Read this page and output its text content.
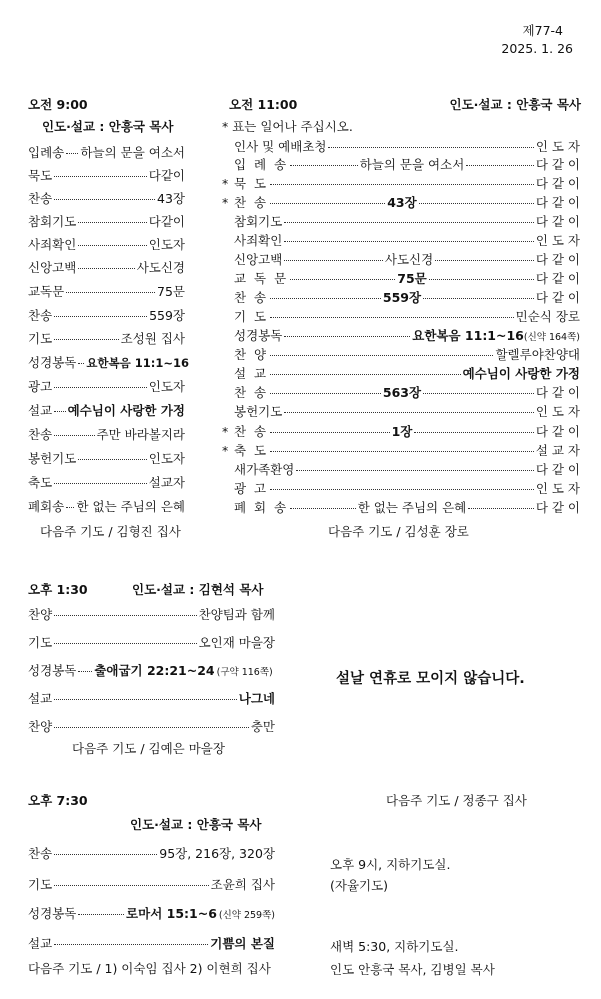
제77-4
2025. 1. 26
오전 9:00
인도·설교 : 안흥국 목사
입례송 하늘의 문을 여소서
묵도	다같이
찬송	43장
참회기도	다같이
사죄확인	인도자
신앙고백	사도신경
교독문	75문
찬송	559장
기도	조성원 집사
성경봉독 요한복음 11:1~16
광고	인도자
설교 예수님이 사랑한 가정
찬송	주만 바라볼지라
봉헌기도	인도자
축도	설교자
폐회송 한 없는 주님의 은혜
다음주 기도 / 김형진 집사
오전 11:00	인도·설교 : 안흥국 목사
* 표는 일어나 주십시오.
인사 및 예배초청	인 도 자
입 례 송	하늘의 문을 여소서	다 같 이
* 묵 도	다 같 이
* 찬 송	43장	다 같 이
참회기도	다 같 이
사죄확인	인 도 자
신앙고백	사도신경	다 같 이
교 독 문	75문	다 같 이
찬 송	559장	다 같 이
기 도	민순식 장로
성경봉독	요한복음 11:1~16 (신약 164쪽)
찬 양	할렐루야찬양대
설 교	예수님이 사랑한 가정
찬 송	563장	다 같 이
봉헌기도	인 도 자
* 찬 송	1장	다 같 이
* 축 도	설 교 자
새가족환영	다 같 이
광 고	인 도 자
폐 회 송	한 없는 주님의 은혜	다 같 이
다음주 기도 / 김성훈 장로
오후 1:30	인도·설교 : 김현석 목사
찬양	찬양팀과 함께
기도	오인재 마을장
성경봉독 출애굽기 22:21~24 (구약 116쪽)
설교	나그네
찬양	충만
다음주 기도 / 김예은 마을장
설날 연휴로 모이지 않습니다.
다음주 기도 / 정종구 집사
오후 7:30
인도·설교 : 안흥국 목사
찬송	95장, 216장, 320장
기도	조윤희 집사
성경봉독	로마서 15:1~6 (신약 259쪽)
설교	기쁨의 본질
다음주 기도 / 1) 이숙임 집사 2) 이현희 집사
오후 9시, 지하기도실.
(자율기도)
새벽 5:30, 지하기도실.
인도 안흥국 목사, 김병일 목사
